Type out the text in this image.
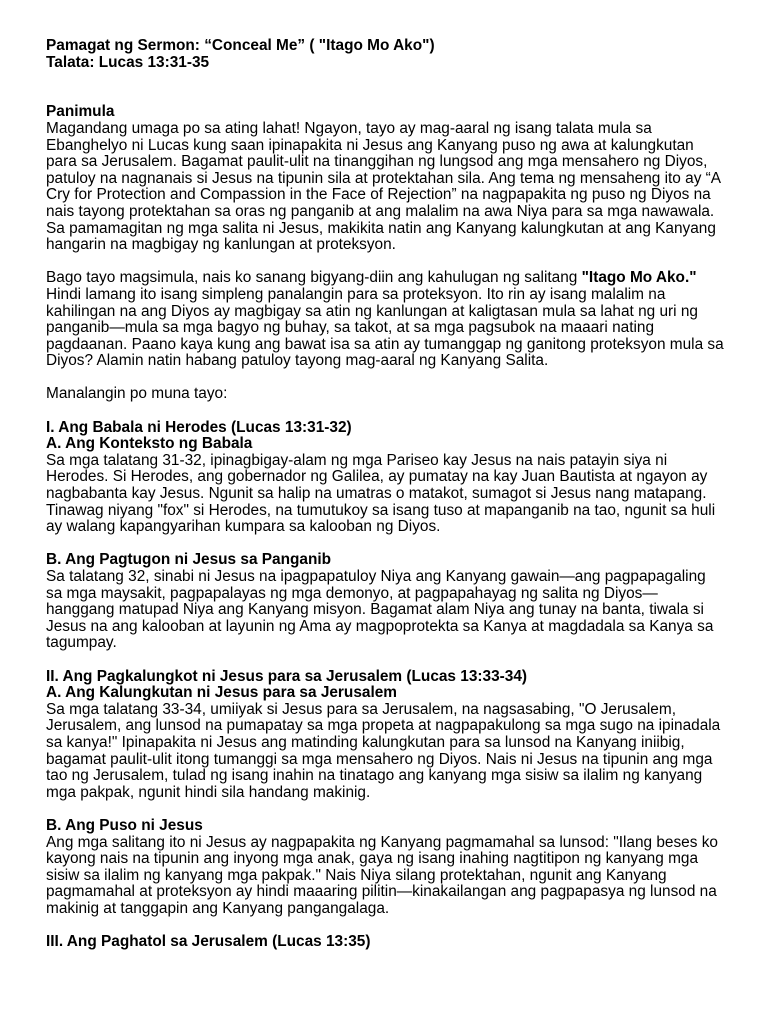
Pamagat ng Sermon: “Conceal Me” ( "Itago Mo Ako")

Talata: Lucas 13:31-35

Panimula

Magandang umaga po sa ating lahat! Ngayon, tayo ay mag-aaral ng isang talata mula sa Ebanghelyo ni Lucas kung saan ipinapakita ni Jesus ang Kanyang puso ng awa at kalungkutan para sa Jerusalem. Bagamat paulit-ulit na tinanggihan ng lungsod ang mga mensahero ng Diyos, patuloy na nagnanais si Jesus na tipunin sila at protektahan sila. Ang tema ng mensaheng ito ay “A Cry for Protection and Compassion in the Face of Rejection” na nagpapakita ng puso ng Diyos na nais tayong protektahan sa oras ng panganib at ang malalim na awa Niya para sa mga nawawala. Sa pamamagitan ng mga salita ni Jesus, makikita natin ang Kanyang kalungkutan at ang Kanyang hangarin na magbigay ng kanlungan at proteksyon.

Bago tayo magsimula, nais ko sanang bigyang-diin ang kahulugan ng salitang "Itago Mo Ako." Hindi lamang ito isang simpleng panalangin para sa proteksyon. Ito rin ay isang malalim na kahilingan na ang Diyos ay magbigay sa atin ng kanlungan at kaligtasan mula sa lahat ng uri ng panganib—mula sa mga bagyo ng buhay, sa takot, at sa mga pagsubok na maaari nating pagdaanan. Paano kaya kung ang bawat isa sa atin ay tumanggap ng ganitong proteksyon mula sa Diyos? Alamin natin habang patuloy tayong mag-aaral ng Kanyang Salita.

Manalangin po muna tayo:

I. Ang Babala ni Herodes (Lucas 13:31-32)

A. Ang Konteksto ng Babala

Sa mga talatang 31-32, ipinagbigay-alam ng mga Pariseo kay Jesus na nais patayin siya ni Herodes. Si Herodes, ang gobernador ng Galilea, ay pumatay na kay Juan Bautista at ngayon ay nagbabanta kay Jesus. Ngunit sa halip na umatras o matakot, sumagot si Jesus nang matapang. Tinawag niyang "fox" si Herodes, na tumutukoy sa isang tuso at mapanganib na tao, ngunit sa huli ay walang kapangyarihan kumpara sa kalooban ng Diyos.

B. Ang Pagtugon ni Jesus sa Panganib

Sa talatang 32, sinabi ni Jesus na ipagpapatuloy Niya ang Kanyang gawain—ang pagpapagaling sa mga maysakit, pagpapalayas ng mga demonyo, at pagpapahayag ng salita ng Diyos—hanggang matupad Niya ang Kanyang misyon. Bagamat alam Niya ang tunay na banta, tiwala si Jesus na ang kalooban at layunin ng Ama ay magpoprotekta sa Kanya at magdadala sa Kanya sa tagumpay.

II. Ang Pagkalungkot ni Jesus para sa Jerusalem (Lucas 13:33-34)

A. Ang Kalungkutan ni Jesus para sa Jerusalem

Sa mga talatang 33-34, umiiyak si Jesus para sa Jerusalem, na nagsasabing, "O Jerusalem, Jerusalem, ang lunsod na pumapatay sa mga propeta at nagpapakulong sa mga sugo na ipinadala sa kanya!" Ipinapakita ni Jesus ang matinding kalungkutan para sa lunsod na Kanyang iniibig, bagamat paulit-ulit itong tumanggi sa mga mensahero ng Diyos. Nais ni Jesus na tipunin ang mga tao ng Jerusalem, tulad ng isang inahin na tinatago ang kanyang mga sisiw sa ilalim ng kanyang mga pakpak, ngunit hindi sila handang makinig.

B. Ang Puso ni Jesus

Ang mga salitang ito ni Jesus ay nagpapakita ng Kanyang pagmamahal sa lunsod: "Ilang beses ko kayong nais na tipunin ang inyong mga anak, gaya ng isang inahing nagtitipon ng kanyang mga sisiw sa ilalim ng kanyang mga pakpak." Nais Niya silang protektahan, ngunit ang Kanyang pagmamahal at proteksyon ay hindi maaaring pilitin—kinakailangan ang pagpapasya ng lunsod na makinig at tanggapin ang Kanyang pangangalaga.

III. Ang Paghatol sa Jerusalem (Lucas 13:35)
